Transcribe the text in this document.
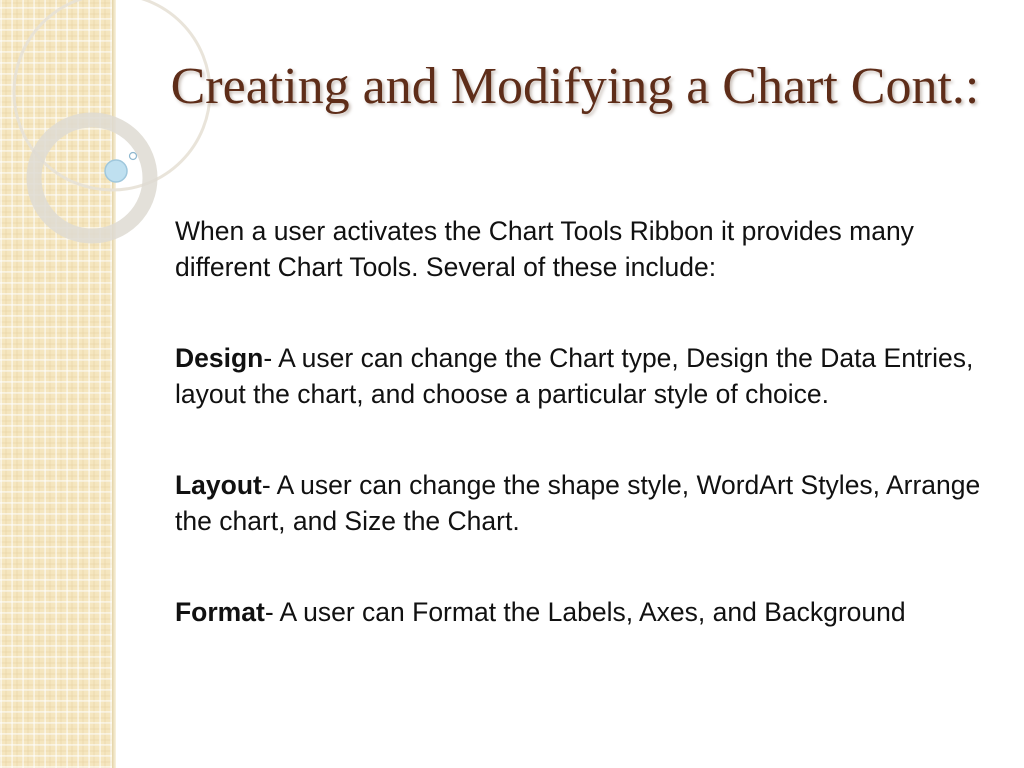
Creating and Modifying a Chart Cont.:

When a user activates the Chart Tools Ribbon it provides many different Chart Tools. Several of these include:

Design- A user can change the Chart type, Design the Data Entries, layout the chart, and choose a particular style of choice.

Layout- A user can change the shape style, WordArt Styles, Arrange the chart, and Size the Chart.

Format- A user can Format the Labels, Axes, and Background
